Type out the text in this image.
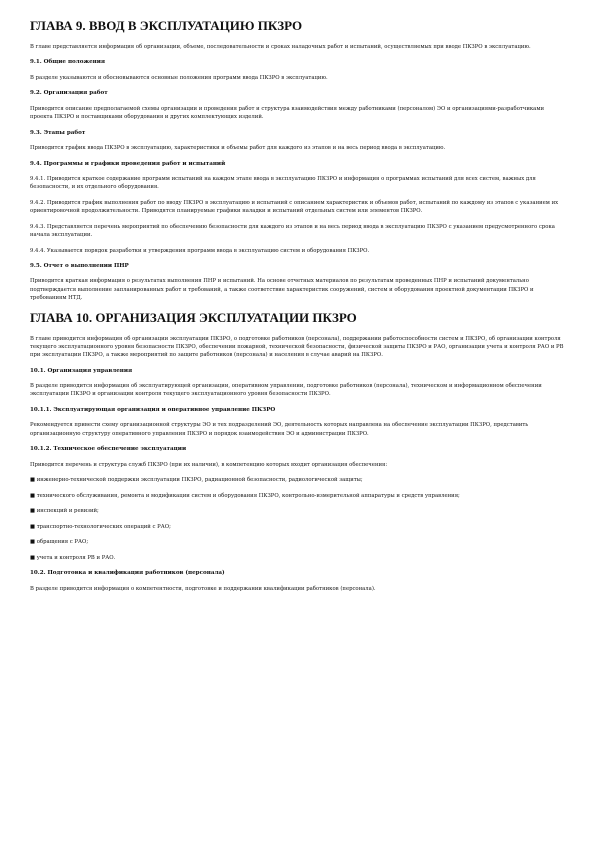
ГЛАВА 9. ВВОД В ЭКСПЛУАТАЦИЮ ПКЗРО
В главе представляется информация об организации, объеме, последовательности и сроках наладочных работ и испытаний, осуществляемых при вводе ПКЗРО в эксплуатацию.
9.1. Общие положения
В разделе указываются и обосновываются основные положения программ ввода ПКЗРО в эксплуатацию.
9.2. Организация работ
Приводится описание предполагаемой схемы организации и проведения работ и структура взаимодействия между работниками (персоналом) ЭО и организациями-разработчиками проекта ПКЗРО и поставщиками оборудования и других комплектующих изделий.
9.3. Этапы работ
Приводится график ввода ПКЗРО в эксплуатацию, характеристики и объемы работ для каждого из этапов и на весь период ввода в эксплуатацию.
9.4. Программы и графики проведения работ и испытаний
9.4.1. Приводится краткое содержание программ испытаний на каждом этапе ввода в эксплуатацию ПКЗРО и информация о программах испытаний для всех систем, важных для безопасности, и их отдельного оборудования.
9.4.2. Приводится график выполнения работ по вводу ПКЗРО в эксплуатацию и испытаний с описанием характеристик и объемов работ, испытаний по каждому из этапов с указанием их ориентировочной продолжительности. Приводятся планируемые графики наладки и испытаний отдельных систем или элементов ПКЗРО.
9.4.3. Представляется перечень мероприятий по обеспечению безопасности для каждого из этапов и на весь период ввода в эксплуатацию ПКЗРО с указанием предусмотренного срока начала эксплуатации.
9.4.4. Указывается порядок разработки и утверждения программ ввода в эксплуатацию систем и оборудования ПКЗРО.
9.5. Отчет о выполнении ПНР
Приводится краткая информация о результатах выполнения ПНР и испытаний. На основе отчетных материалов по результатам проведенных ПНР и испытаний документально подтверждается выполнение запланированных работ и требований, а также соответствие характеристик сооружений, систем и оборудования проектной документации ПКЗРО и требованиям НТД.
ГЛАВА 10. ОРГАНИЗАЦИЯ ЭКСПЛУАТАЦИИ ПКЗРО
В главе приводится информация об организации эксплуатации ПКЗРО, о подготовке работников (персонала), поддержании работоспособности систем и ПКЗРО, об организации контроля текущего эксплуатационного уровня безопасности ПКЗРО, обеспечении пожарной, технической безопасности, физической защиты ПКЗРО и РАО, организации учета и контроля РАО и РВ при эксплуатации ПКЗРО, а также мероприятий по защите работников (персонала) и населения в случае аварий на ПКЗРО.
10.1. Организация управления
В разделе приводится информация об эксплуатирующей организации, оперативном управлении, подготовке работников (персонала), техническом и информационном обеспечении эксплуатации ПКЗРО и организации контроля текущего эксплуатационного уровня безопасности ПКЗРО.
10.1.1. Эксплуатирующая организация и оперативное управление ПКЗРО
Рекомендуется привести схему организационной структуры ЭО и тех подразделений ЭО, деятельность которых направлена на обеспечение эксплуатации ПКЗРО, представить организационную структуру оперативного управления ПКЗРО и порядок взаимодействия ЭО и администрации ПКЗРО.
10.1.2. Техническое обеспечение эксплуатации
Приводится перечень и структура служб ПКЗРО (при их наличии), в компетенцию которых входит организация обеспечения:
■ инженерно-технической поддержки эксплуатации ПКЗРО, радиационной безопасности, радиологической защиты;
■ технического обслуживания, ремонта и модификации систем и оборудования ПКЗРО, контрольно-измерительной аппаратуры и средств управления;
■ инспекций и ревизий;
■ транспортно-технологических операций с РАО;
■ обращения с РАО;
■ учета и контроля РВ и РАО.
10.2. Подготовка и квалификация работников (персонала)
В разделе приводится информация о компетентности, подготовке и поддержании квалификации работников (персонала).
